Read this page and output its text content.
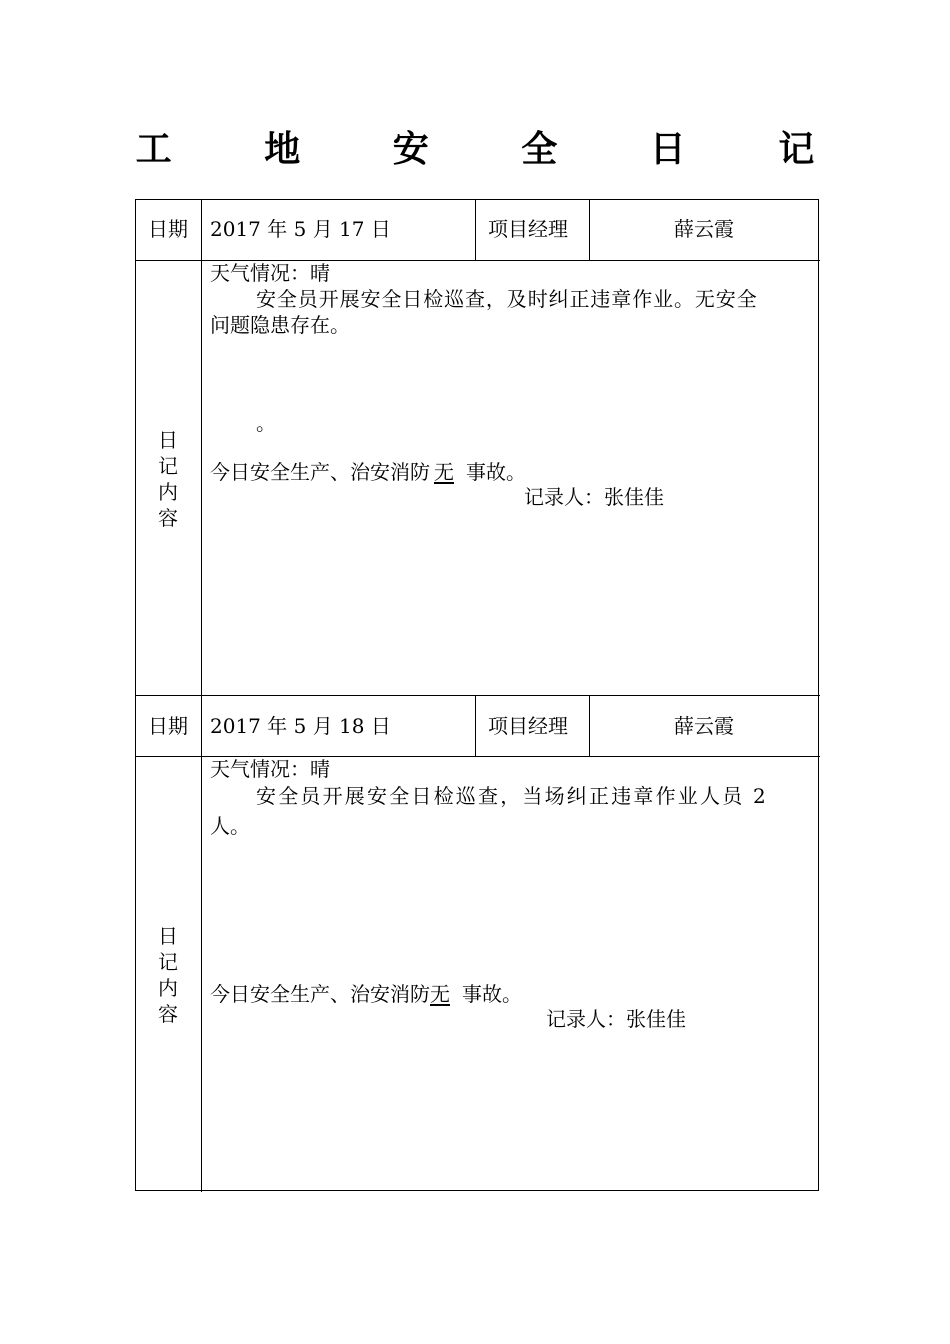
工 地 安 全 日 记
日期 2017 年 5 月 17 日	项目经理	薛云霞
日
记
内
容
天气情况：晴
安全员开展安全日检巡查，及时纠正违章作业。无安全
问题隐患存在。
。
今日安全生产、治安消防 无 事故。
记录人：张佳佳
日期 2017 年 5 月 18 日	项目经理	薛云霞
日
记
内
容
天气情况：晴
安全员开展安全日检巡查，当场纠正违章作业人员 2
人。
今日安全生产、治安消防无 事故。
记录人：张佳佳
